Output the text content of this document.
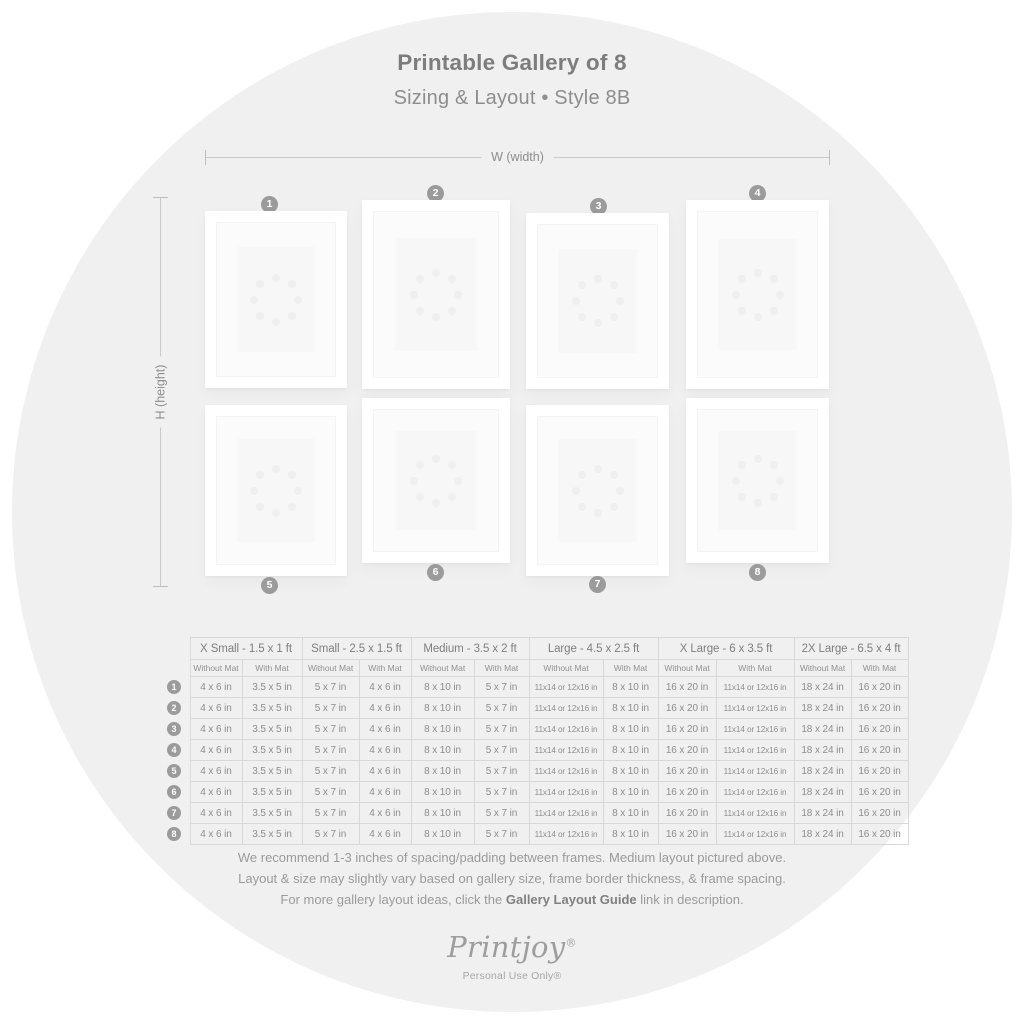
Printable Gallery of 8
Sizing & Layout • Style 8B
W (width)
H (height)
1
2
3
4
5
6
7
8
	X Small - 1.5 x 1 ft		Small - 2.5 x 1.5 ft		Medium - 3.5 x 2 ft		Large - 4.5 x 2.5 ft		X Large - 6 x 3.5 ft		2X Large - 6.5 x 4 ft	
	Without Mat	With Mat	Without Mat	With Mat	Without Mat	With Mat	Without Mat	With Mat	Without Mat	With Mat	Without Mat	With Mat

1	4 x 6 in	3.5 x 5 in	5 x 7 in	4 x 6 in	8 x 10 in	5 x 7 in	11x14 or 12x16 in	8 x 10 in	16 x 20 in	11x14 or 12x16 in	18 x 24 in	16 x 20 in

2	4 x 6 in	3.5 x 5 in	5 x 7 in	4 x 6 in	8 x 10 in	5 x 7 in	11x14 or 12x16 in	8 x 10 in	16 x 20 in	11x14 or 12x16 in	18 x 24 in	16 x 20 in

3	4 x 6 in	3.5 x 5 in	5 x 7 in	4 x 6 in	8 x 10 in	5 x 7 in	11x14 or 12x16 in	8 x 10 in	16 x 20 in	11x14 or 12x16 in	18 x 24 in	16 x 20 in

4	4 x 6 in	3.5 x 5 in	5 x 7 in	4 x 6 in	8 x 10 in	5 x 7 in	11x14 or 12x16 in	8 x 10 in	16 x 20 in	11x14 or 12x16 in	18 x 24 in	16 x 20 in

5	4 x 6 in	3.5 x 5 in	5 x 7 in	4 x 6 in	8 x 10 in	5 x 7 in	11x14 or 12x16 in	8 x 10 in	16 x 20 in	11x14 or 12x16 in	18 x 24 in	16 x 20 in

6	4 x 6 in	3.5 x 5 in	5 x 7 in	4 x 6 in	8 x 10 in	5 x 7 in	11x14 or 12x16 in	8 x 10 in	16 x 20 in	11x14 or 12x16 in	18 x 24 in	16 x 20 in

7	4 x 6 in	3.5 x 5 in	5 x 7 in	4 x 6 in	8 x 10 in	5 x 7 in	11x14 or 12x16 in	8 x 10 in	16 x 20 in	11x14 or 12x16 in	18 x 24 in	16 x 20 in

8	4 x 6 in	3.5 x 5 in	5 x 7 in	4 x 6 in	8 x 10 in	5 x 7 in	11x14 or 12x16 in	8 x 10 in	16 x 20 in	11x14 or 12x16 in	18 x 24 in	16 x 20 in
We recommend 1-3 inches of spacing/padding between frames. Medium layout pictured above.
Layout & size may slightly vary based on gallery size, frame border thickness, & frame spacing.
For more gallery layout ideas, click the Gallery Layout Guide link in description.
Printjoy®
Personal Use Only®
